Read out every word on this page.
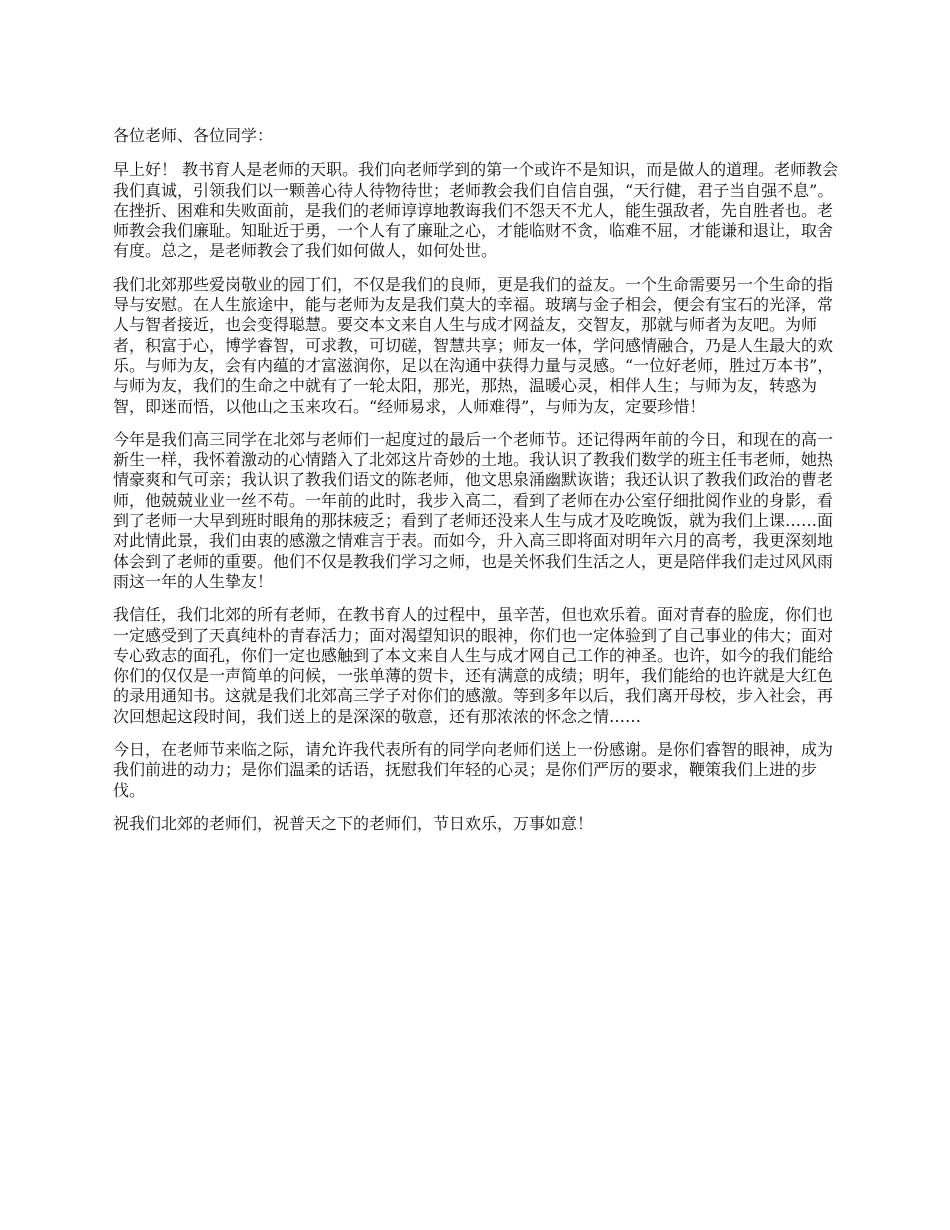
各位老师、各位同学：

早上好！ 教书育人是老师的天职。我们向老师学到的第一个或许不是知识，而是做人的道理。老师教会我们真诚，引领我们以一颗善心待人待物待世；老师教会我们自信自强，“天行健，君子当自强不息”。在挫折、困难和失败面前，是我们的老师谆谆地教诲我们不怨天不尤人，能生强敌者，先自胜者也。老师教会我们廉耻。知耻近于勇，一个人有了廉耻之心，才能临财不贪，临难不屈，才能谦和退让，取舍有度。总之，是老师教会了我们如何做人，如何处世。

我们北郊那些爱岗敬业的园丁们，不仅是我们的良师，更是我们的益友。一个生命需要另一个生命的指导与安慰。在人生旅途中，能与老师为友是我们莫大的幸福。玻璃与金子相会，便会有宝石的光泽，常人与智者接近，也会变得聪慧。要交本文来自人生与成才网益友，交智友，那就与师者为友吧。为师者，积富于心，博学睿智，可求教，可切磋，智慧共享；师友一体，学问感情融合，乃是人生最大的欢乐。与师为友，会有内蕴的才富滋润你，足以在沟通中获得力量与灵感。“一位好老师，胜过万本书”，与师为友，我们的生命之中就有了一轮太阳，那光，那热，温暖心灵，相伴人生；与师为友，转惑为智，即迷而悟，以他山之玉来攻石。“经师易求，人师难得”，与师为友，定要珍惜！

今年是我们高三同学在北郊与老师们一起度过的最后一个老师节。还记得两年前的今日，和现在的高一新生一样，我怀着激动的心情踏入了北郊这片奇妙的土地。我认识了教我们数学的班主任韦老师，她热情豪爽和气可亲；我认识了教我们语文的陈老师，他文思泉涌幽默诙谐；我还认识了教我们政治的曹老师，他兢兢业业一丝不苟。一年前的此时，我步入高二，看到了老师在办公室仔细批阅作业的身影，看到了老师一大早到班时眼角的那抹疲乏；看到了老师还没来人生与成才及吃晚饭，就为我们上课……面对此情此景，我们由衷的感激之情难言于表。而如今，升入高三即将面对明年六月的高考，我更深刻地体会到了老师的重要。他们不仅是教我们学习之师，也是关怀我们生活之人，更是陪伴我们走过风风雨雨这一年的人生挚友！

我信任，我们北郊的所有老师，在教书育人的过程中，虽辛苦，但也欢乐着。面对青春的脸庞，你们也一定感受到了天真纯朴的青春活力；面对渴望知识的眼神，你们也一定体验到了自己事业的伟大；面对专心致志的面孔，你们一定也感触到了本文来自人生与成才网自己工作的神圣。也许，如今的我们能给你们的仅仅是一声简单的问候，一张单薄的贺卡，还有满意的成绩；明年，我们能给的也许就是大红色的录用通知书。这就是我们北郊高三学子对你们的感激。等到多年以后，我们离开母校，步入社会，再次回想起这段时间，我们送上的是深深的敬意，还有那浓浓的怀念之情……

今日，在老师节来临之际，请允许我代表所有的同学向老师们送上一份感谢。是你们睿智的眼神，成为我们前进的动力；是你们温柔的话语，抚慰我们年轻的心灵；是你们严厉的要求，鞭策我们上进的步伐。

祝我们北郊的老师们，祝普天之下的老师们，节日欢乐，万事如意！
